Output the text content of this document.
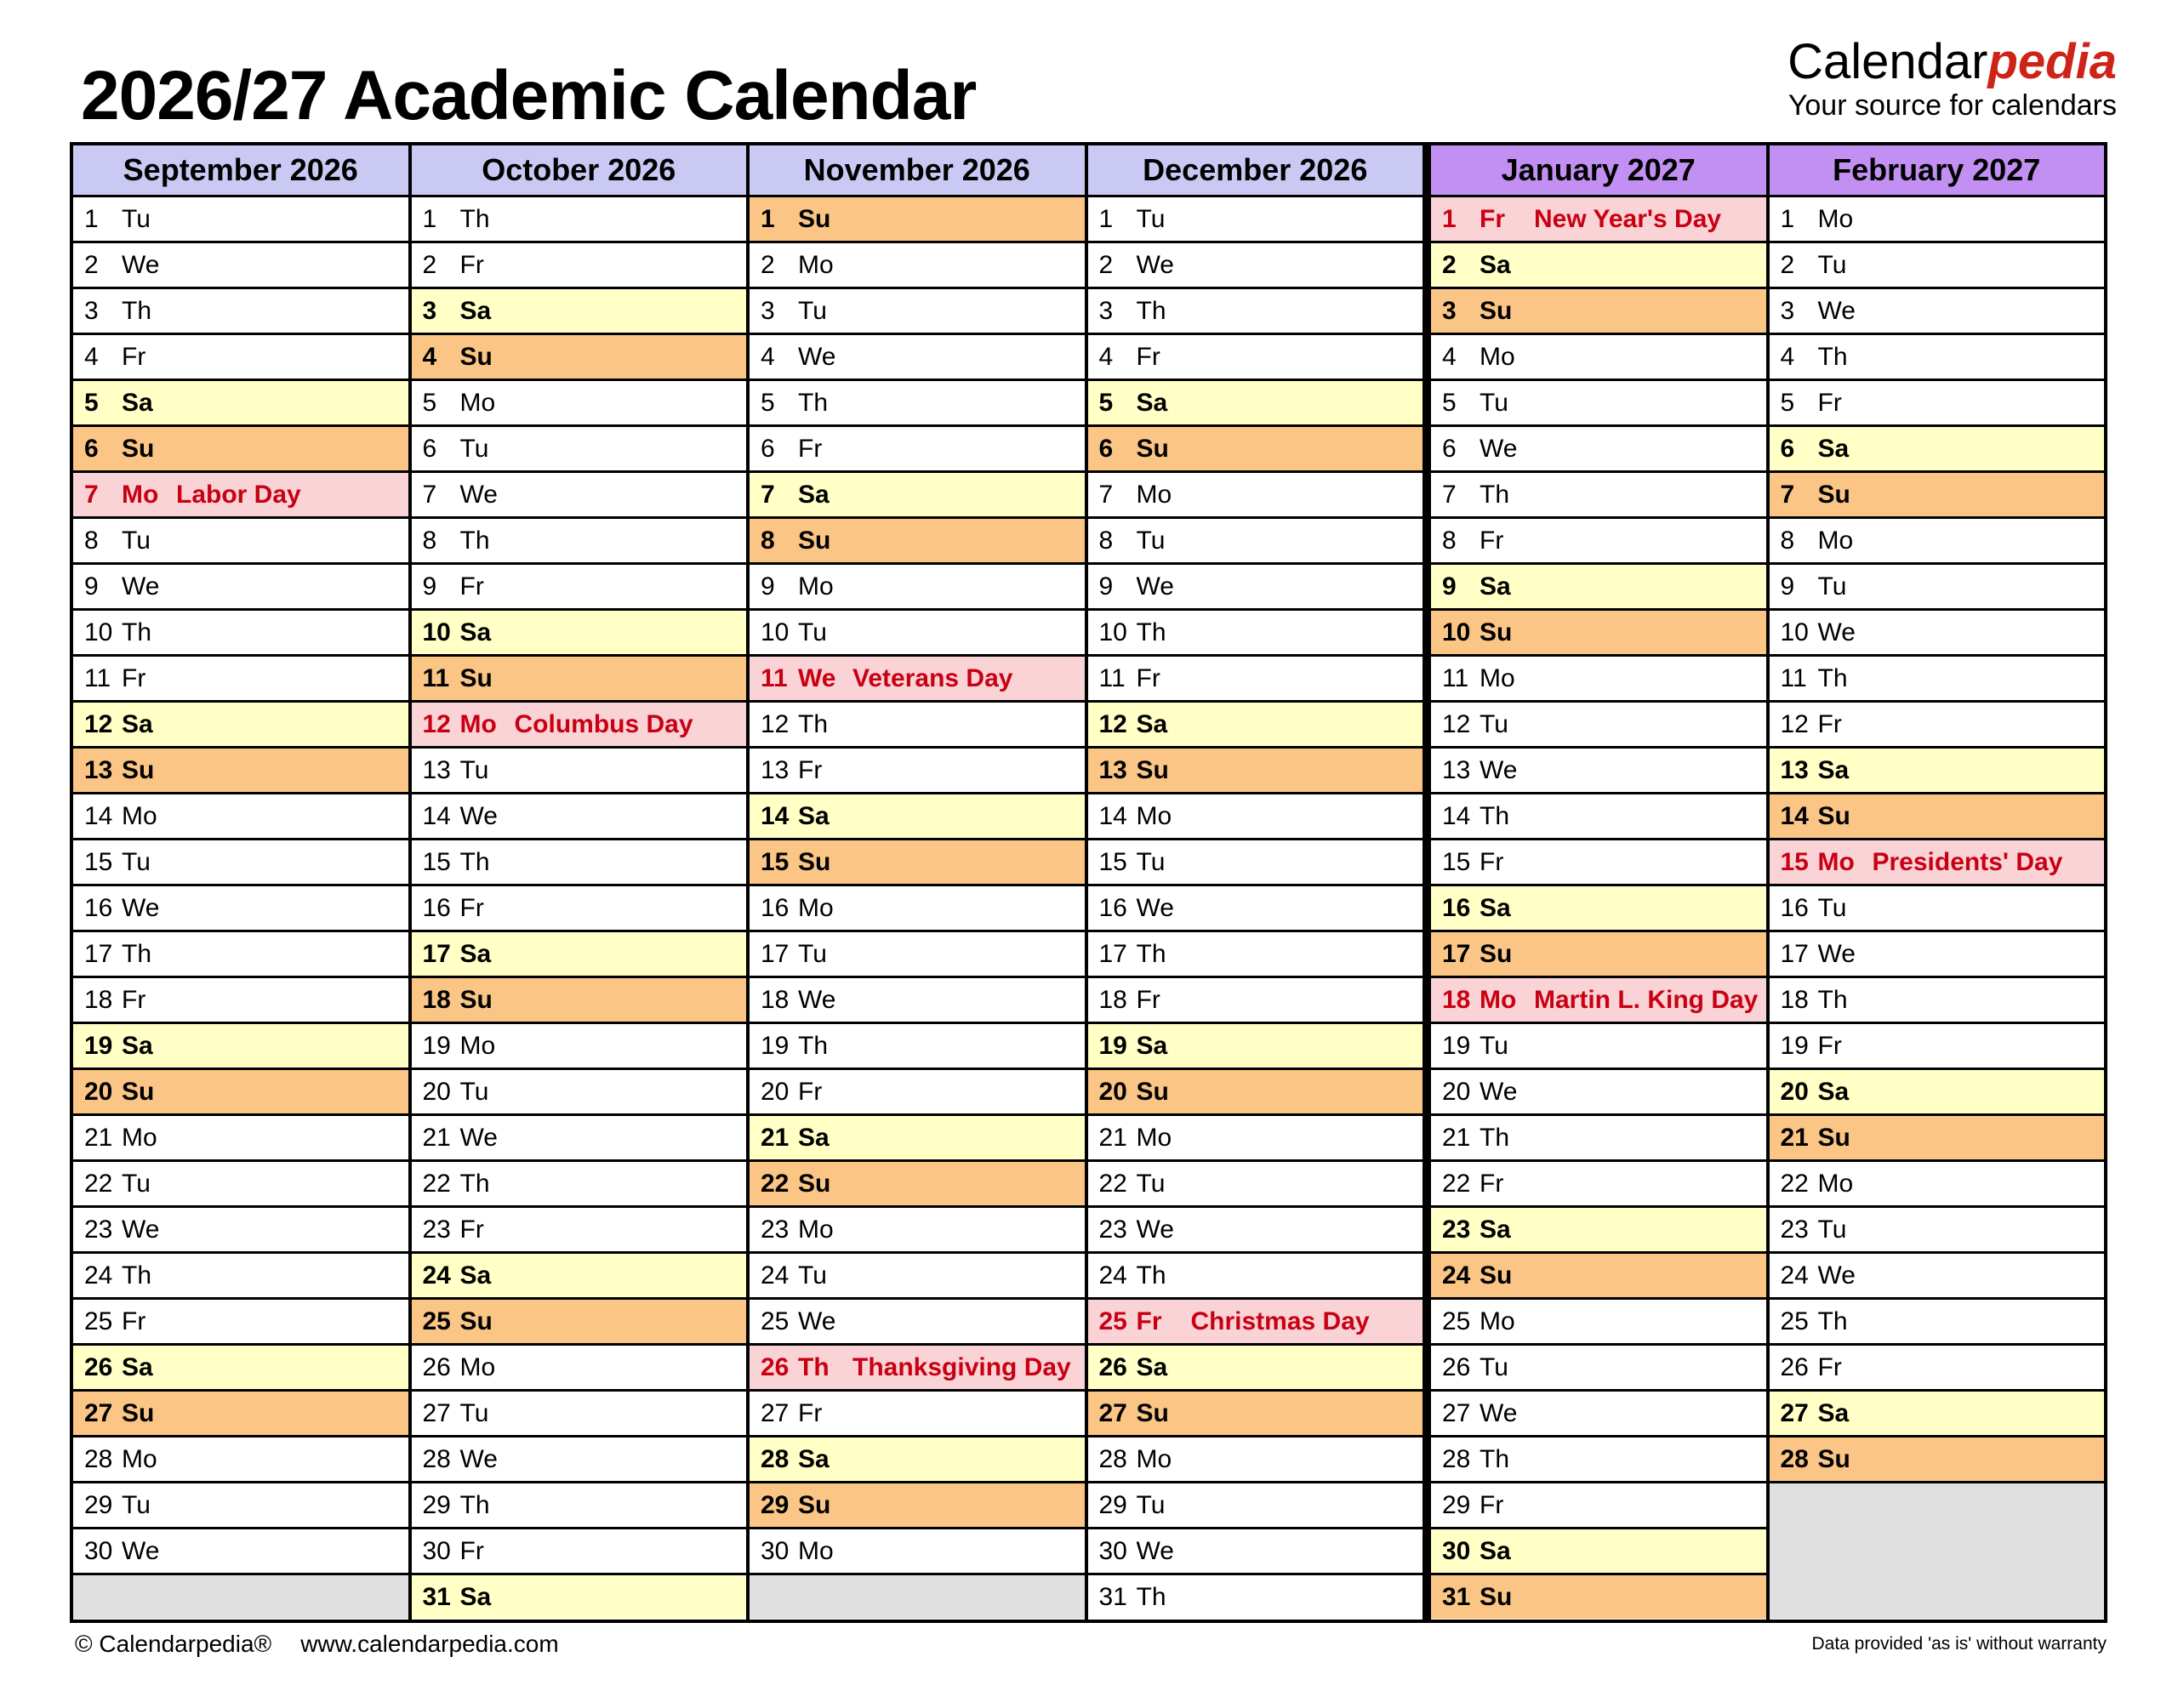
2026/27 Academic Calendar	Calendarpedia
Your source for calendars
September 2026
1 Tu
2 We
3 Th
4 Fr
5 Sa
6 Su
7 Mo Labor Day
8 Tu
9 We
10 Th
11 Fr
12 Sa
13 Su
14 Mo
15 Tu
16 We
17 Th
18 Fr
19 Sa
20 Su
21 Mo
22 Tu
23 We
24 Th
25 Fr
26 Sa
27 Su
28 Mo
29 Tu
30 We
October 2026
1 Th
2 Fr
3 Sa
4 Su
5 Mo
6 Tu
7 We
8 Th
9 Fr
10 Sa
11 Su
12 Mo Columbus Day
13 Tu
14 We
15 Th
16 Fr
17 Sa
18 Su
19 Mo
20 Tu
21 We
22 Th
23 Fr
24 Sa
25 Su
26 Mo
27 Tu
28 We
29 Th
30 Fr
31 Sa
November 2026
1 Su
2 Mo
3 Tu
4 We
5 Th
6 Fr
7 Sa
8 Su
9 Mo
10 Tu
11 We Veterans Day
12 Th
13 Fr
14 Sa
15 Su
16 Mo
17 Tu
18 We
19 Th
20 Fr
21 Sa
22 Su
23 Mo
24 Tu
25 We
26 Th Thanksgiving Day
27 Fr
28 Sa
29 Su
30 Mo
December 2026
1 Tu
2 We
3 Th
4 Fr
5 Sa
6 Su
7 Mo
8 Tu
9 We
10 Th
11 Fr
12 Sa
13 Su
14 Mo
15 Tu
16 We
17 Th
18 Fr
19 Sa
20 Su
21 Mo
22 Tu
23 We
24 Th
25 Fr	Christmas Day
26 Sa
27 Su
28 Mo
29 Tu
30 We
31 Th
January 2027
1 Fr	New Year's Day
2 Sa
3 Su
4 Mo
5 Tu
6 We
7 Th
8 Fr
9 Sa
10 Su
11 Mo
12 Tu
13 We
14 Th
15 Fr
16 Sa
17 Su
18 Mo Martin L. King Day
19 Tu
20 We
21 Th
22 Fr
23 Sa
24 Su
25 Mo
26 Tu
27 We
28 Th
29 Fr
30 Sa
31 Su
February 2027
1 Mo
2 Tu
3 We
4 Th
5 Fr
6 Sa
7 Su
8 Mo
9 Tu
10 We
11 Th
12 Fr
13 Sa
14 Su
15 Mo Presidents' Day
16 Tu
17 We
18 Th
19 Fr
20 Sa
21 Su
22 Mo
23 Tu
24 We
25 Th
26 Fr
27 Sa
28 Su
© Calendarpedia® www.calendarpedia.com	Data provided 'as is' without warranty
